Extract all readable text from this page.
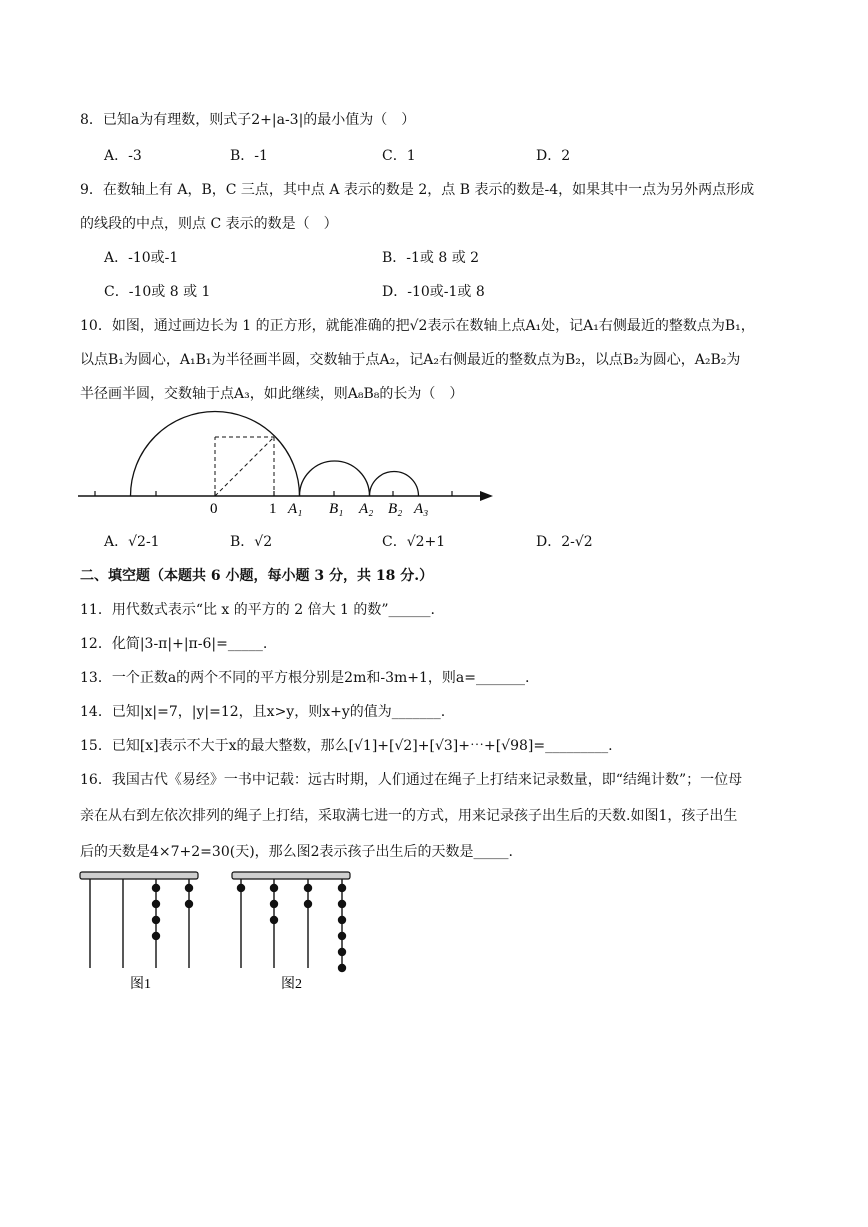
8．已知a为有理数，则式子2+|a-3|的最小值为（　）
A．-3	B．-1	C．1	D．2
9．在数轴上有 A，B，C 三点，其中点 A 表示的数是 2，点 B 表示的数是-4，如果其中一点为另外两点形成
的线段的中点，则点 C 表示的数是（　）
A．-10或-1	B．-1或 8 或 2
C．-10或 8 或 1	D．-10或-1或 8
10．如图，通过画边长为 1 的正方形，就能准确的把√2表示在数轴上点A₁处，记A₁右侧最近的整数点为B₁，
以点B₁为圆心，A₁B₁为半径画半圆，交数轴于点A₂，记A₂右侧最近的整数点为B₂，以点B₂为圆心，A₂B₂为
半径画半圆，交数轴于点A₃，如此继续，则A₈B₈的长为（　）
0	1 A₁ B₁ A₂ B₂ A₃
A．√2-1	B．√2	C．√2+1	D．2-√2
二、填空题（本题共 6 小题，每小题 3 分，共 18 分.）
11．用代数式表示“比 x 的平方的 2 倍大 1 的数”______.
12．化简|3-π|+|π-6|=_____.
13．一个正数a的两个不同的平方根分别是2m和-3m+1，则a=_______.
14．已知|x|=7，|y|=12，且x>y，则x+y的值为_______.
15．已知[x]表示不大于x的最大整数，那么[√1]+[√2]+[√3]+⋯+[√98]=_________.
16．我国古代《易经》一书中记载：远古时期，人们通过在绳子上打结来记录数量，即“结绳计数”；一位母
亲在从右到左依次排列的绳子上打结，采取满七进一的方式，用来记录孩子出生后的天数.如图1，孩子出生
后的天数是4×7+2=30(天)，那么图2表示孩子出生后的天数是_____.
图1	图2
